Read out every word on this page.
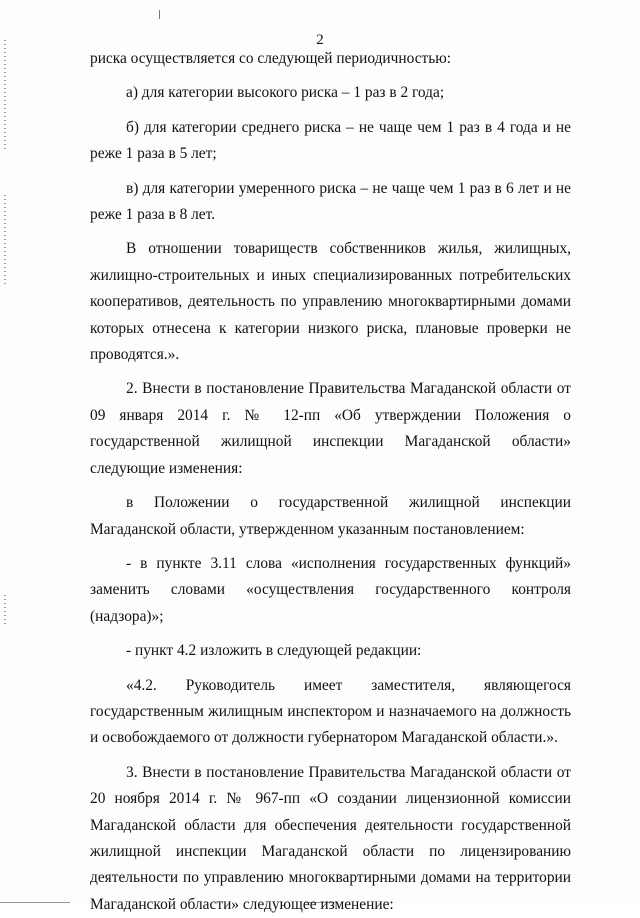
2

риска осуществляется со следующей периодичностью:

а) для категории высокого риска – 1 раз в 2 года;

б) для категории среднего риска – не чаще чем 1 раз в 4 года и не реже 1 раза в 5 лет;

в) для категории умеренного риска – не чаще чем 1 раз в 6 лет и не реже 1 раза в 8 лет.

В отношении товариществ собственников жилья, жилищных, жилищно-строительных и иных специализированных потребительских кооперативов, деятельность по управлению многоквартирными домами которых отнесена к категории низкого риска, плановые проверки не проводятся.».

2. Внести в постановление Правительства Магаданской области от 09 января 2014 г. № 12-пп «Об утверждении Положения о государственной жилищной инспекции Магаданской области» следующие изменения:

в Положении о государственной жилищной инспекции Магаданской области, утвержденном указанным постановлением:

- в пункте 3.11 слова «исполнения государственных функций» заменить словами «осуществления государственного контроля (надзора)»;

- пункт 4.2 изложить в следующей редакции:

«4.2. Руководитель имеет заместителя, являющегося государственным жилищным инспектором и назначаемого на должность и освобождаемого от должности губернатором Магаданской области.».

3. Внести в постановление Правительства Магаданской области от 20 ноября 2014 г. № 967-пп «О создании лицензионной комиссии Магаданской области для обеспечения деятельности государственной жилищной инспекции Магаданской области по лицензированию деятельности по управлению многоквартирными домами на территории Магаданской области» следующее изменение:
